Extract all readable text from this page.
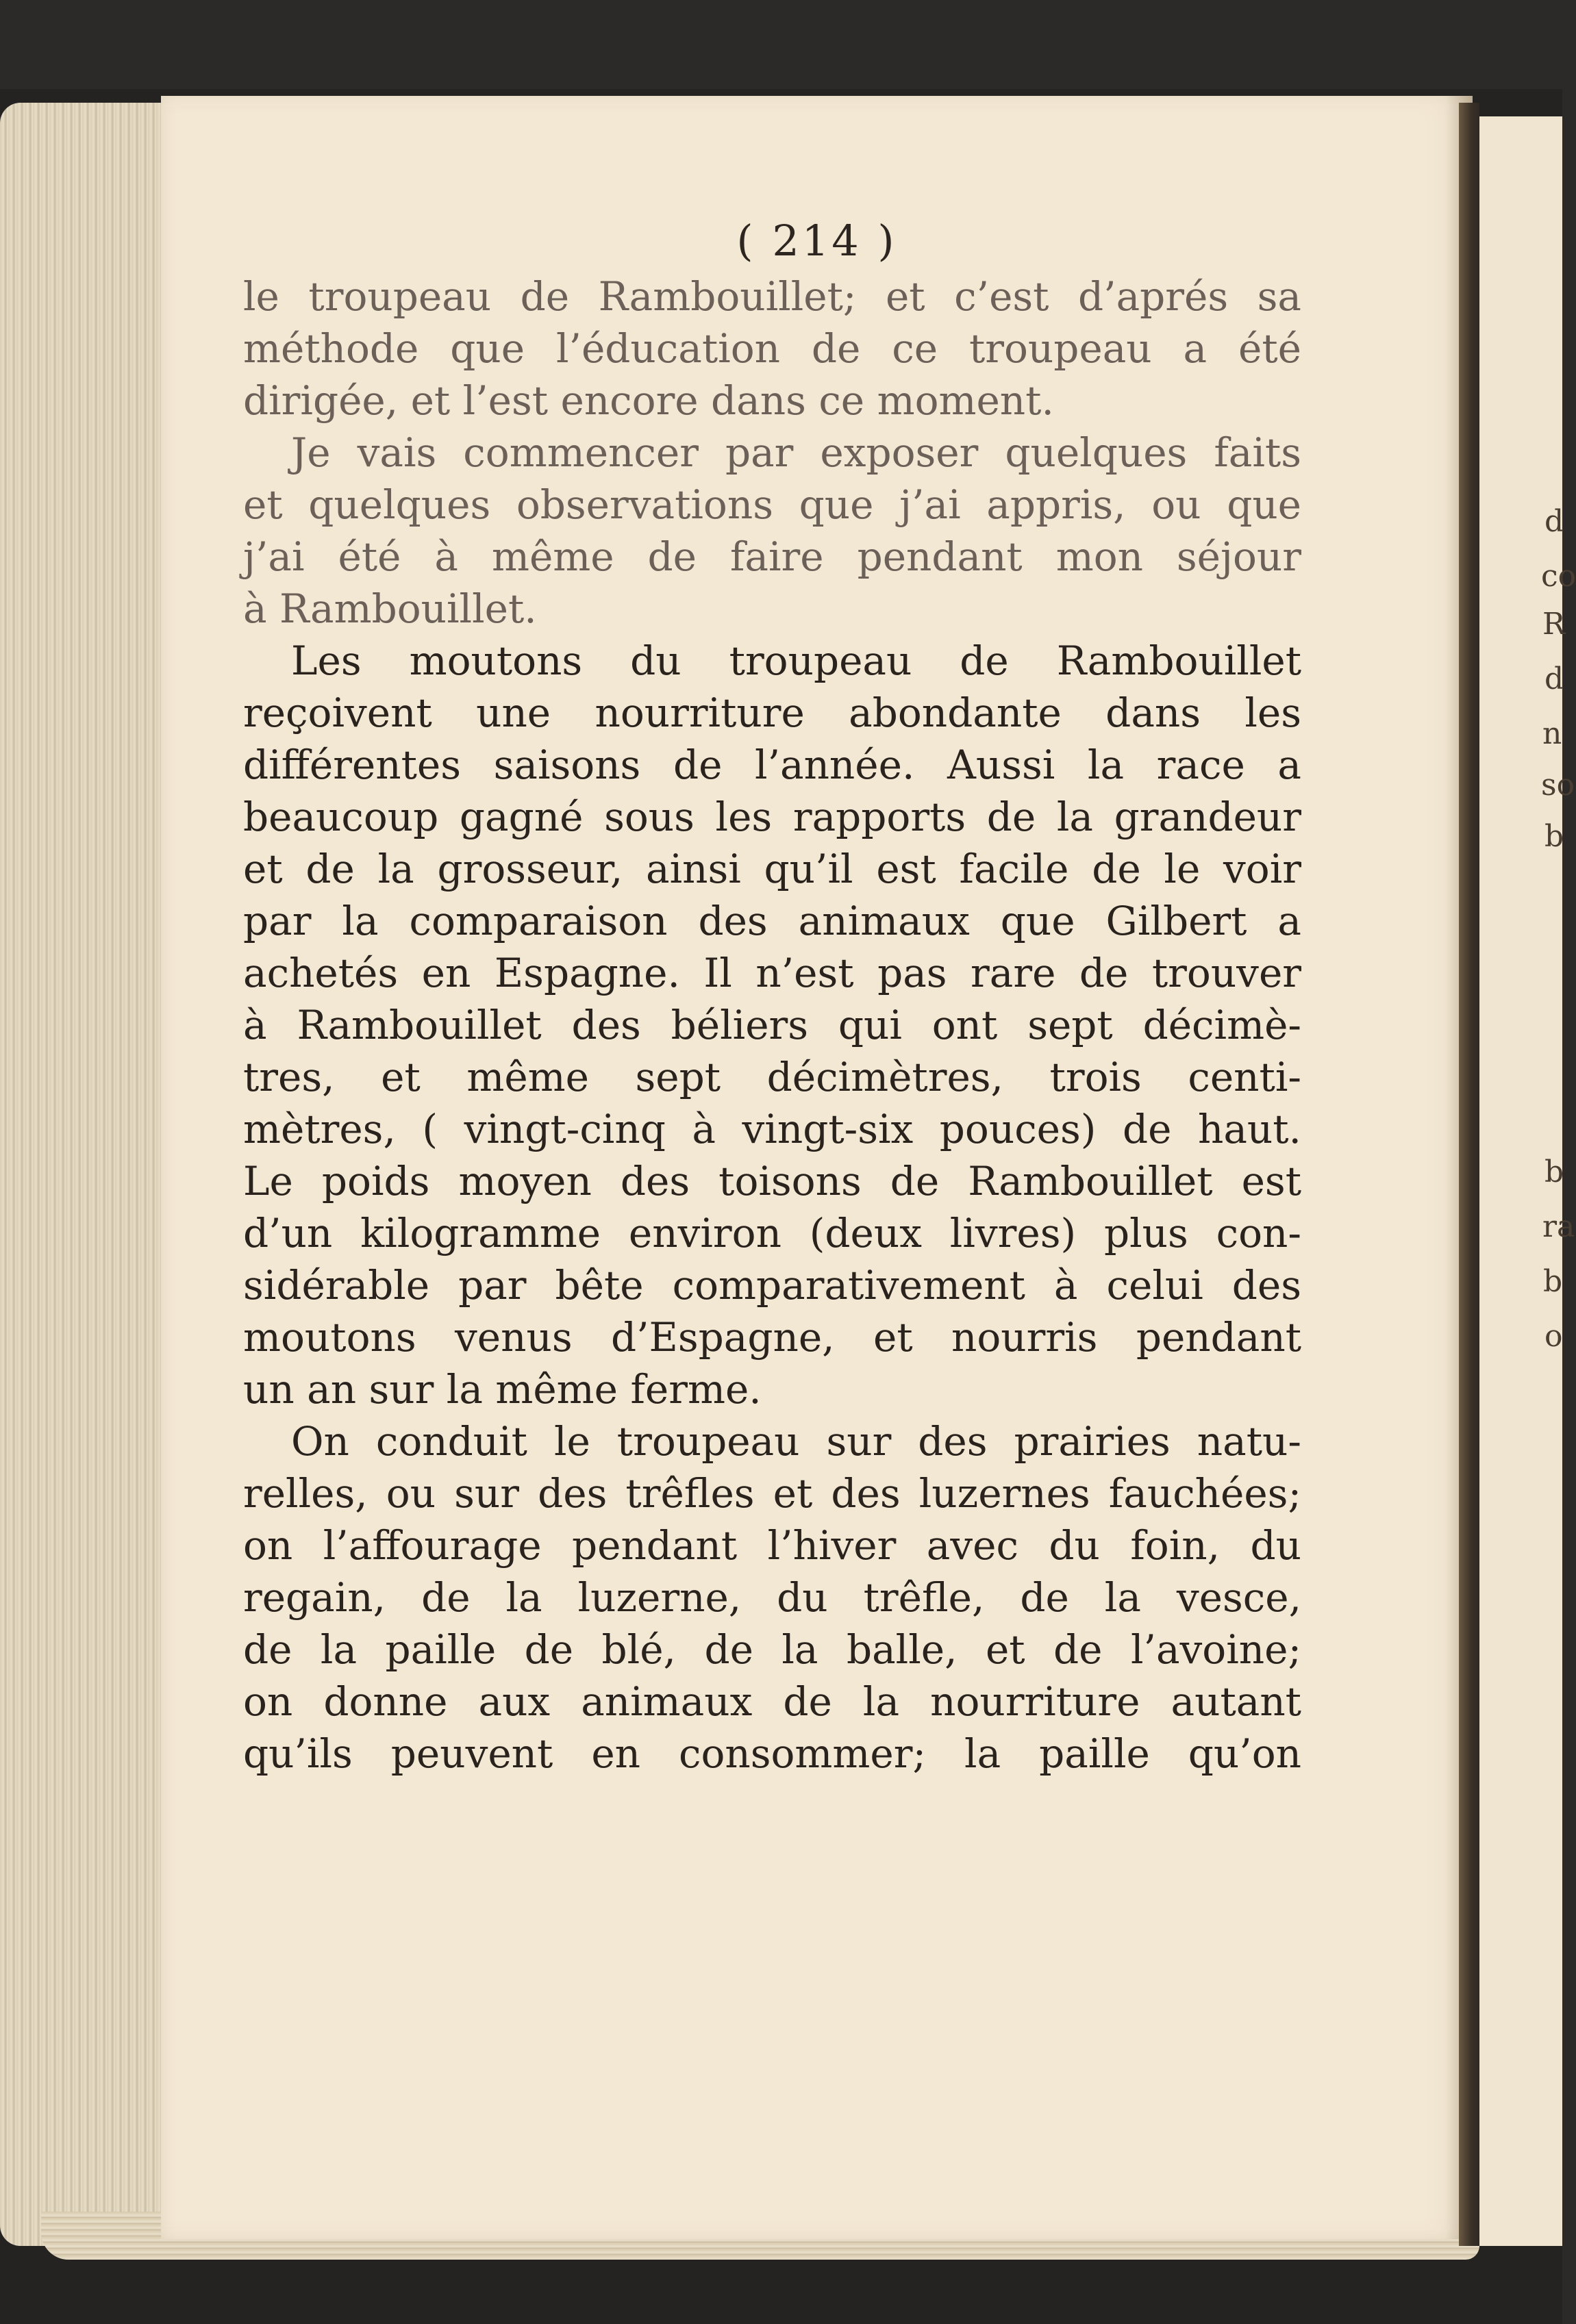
( 214 )
le troupeau de Rambouillet; et c’est d’aprés sa
méthode que l’éducation de ce troupeau a été
dirigée, et l’est encore dans ce moment.
Je vais commencer par exposer quelques faits
et quelques observations que j’ai appris, ou que
j’ai été à même de faire pendant mon séjour
à Rambouillet.
Les moutons du troupeau de Rambouillet
reçoivent une nourriture abondante dans les
différentes saisons de l’année. Aussi la race a
beaucoup gagné sous les rapports de la grandeur
et de la grosseur, ainsi qu’il est facile de le voir
par la comparaison des animaux que Gilbert a
achetés en Espagne. Il n’est pas rare de trouver
à Rambouillet des béliers qui ont sept décimè-
tres, et même sept décimètres, trois centi-
mètres, ( vingt-cinq à vingt-six pouces) de haut.
Le poids moyen des toisons de Rambouillet est
d’un kilogramme environ (deux livres) plus con-
sidérable par bête comparativement à celui des
moutons venus d’Espagne, et nourris pendant
un an sur la même ferme.
On conduit le troupeau sur des prairies natu-
relles, ou sur des trêfles et des luzernes fauchées;
on l’affourage pendant l’hiver avec du foin, du
regain, de la luzerne, du trêfle, de la vesce,
de la paille de blé, de la balle, et de l’avoine;
on donne aux animaux de la nourriture autant
qu’ils peuvent en consommer; la paille qu’on
d
co
R
d
n
so
b
b
ra
b
o
